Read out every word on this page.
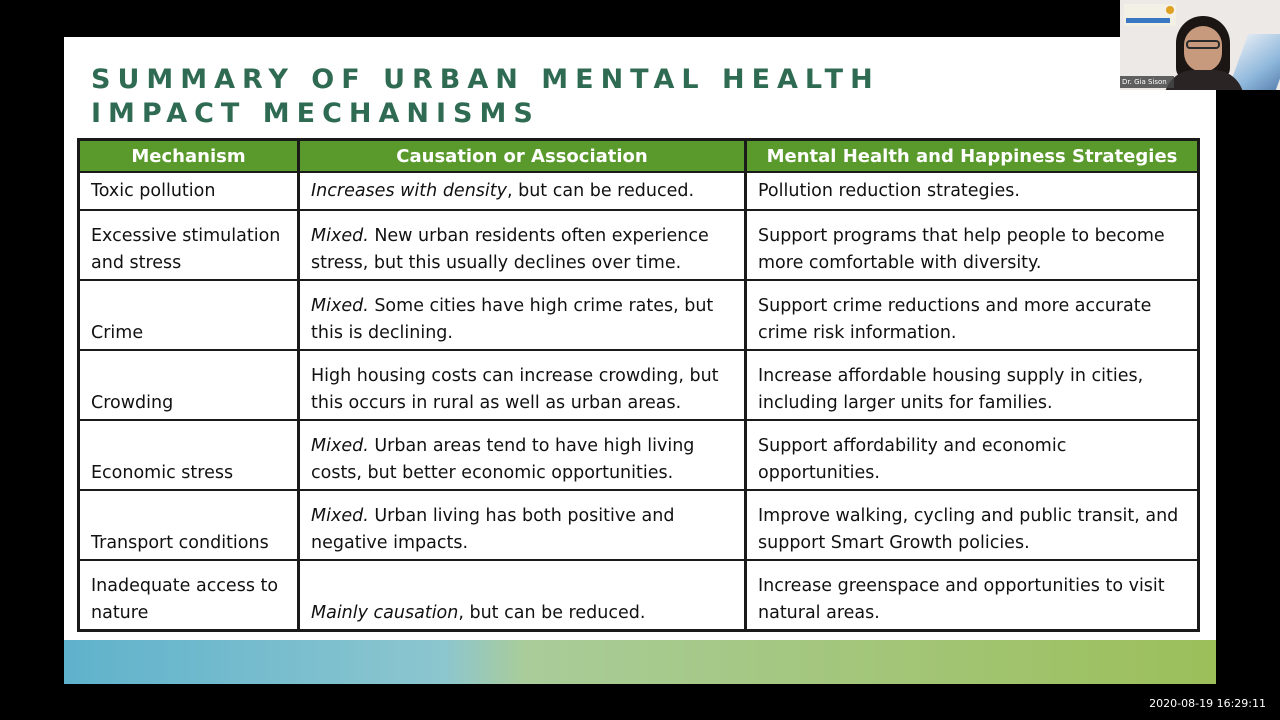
SUMMARY OF URBAN MENTAL HEALTH IMPACT MECHANISMS
Mechanism	Causation or Association	Mental Health and Happiness Strategies
Toxic pollution	Increases with density, but can be reduced.	Pollution reduction strategies.
Excessive stimulation and stress	Mixed. New urban residents often experience stress, but this usually declines over time.	Support programs that help people to become more comfortable with diversity.
Crime	Mixed. Some cities have high crime rates, but this is declining.	Support crime reductions and more accurate crime risk information.
Crowding	High housing costs can increase crowding, but this occurs in rural as well as urban areas.	Increase affordable housing supply in cities, including larger units for families.
Economic stress	Mixed. Urban areas tend to have high living costs, but better economic opportunities.	Support affordability and economic opportunities.
Transport conditions	Mixed. Urban living has both positive and negative impacts.	Improve walking, cycling and public transit, and support Smart Growth policies.
Inadequate access to nature	Mainly causation, but can be reduced.	Increase greenspace and opportunities to visit natural areas.
Dr. Gia Sison
2020-08-19 16:29:11
